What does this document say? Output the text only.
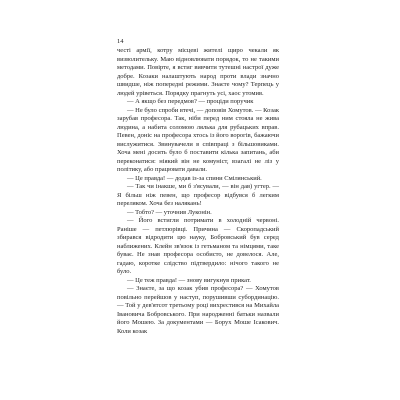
14

честі армії, котру місцеві жителі щиро чекали як визволительку. Маю відновлювати порядок, то не такими методами. Повірте, я встиг вивчити тутешні настрої дуже добре. Козаки налаштують народ проти влади значно швидше, ніж попередні режими. Знаєте чому? Терпець у людей уріветься. Порядку прагнуть усі, хаос утомив.

— А якщо без передмов? — проціди поручик

— Не було спроби втечі, — доповів Хомутов. — Козак зарубав професора. Так, ніби перед ним стояла не жива людина, а набита соломою лялька для рубацьких вправ. Певен, доніс на професора хтось із його ворогів, бажаючи вислужитися. Звинувачели в співпраці з більшовиками. Хоча мені досить було б поставити кілька запитань, аби переконатися: ніякий він не комуніст, взагалі не ліз у політику, або працювати давали.

— Це правда! — додав із-за спини Смілянський.

— Так чи інакше, ми б з'ясували, — він дав) угтер. — Я більш ніж певен, що професор відбувся б легким переляком. Хоча без налякань!

— Тобто? — уточнив Луконін.

— Його встигли потримати в холодній червоні. Раніше — петлюрівці. Причина — Скоропадський збирався відродити цю науку, Бобровський був серед наближених. Клейн зв'язок із гетьманом та німцями, таке буває. Не знав професора особисто, не довелося. Але, гадаю, коротке слідство підтвердило: нічого такого не було.

— Це теж правда! — знову вигукнув прикат.

— Знаєте, за що козак убив професора? — Хомутов повільно перейшов у наступ, порушивши субординацію. — Той у дев'ятсот третьому році вихрестився на Михайла Івановича Бобровського. При народженні батьки назвали його Мошею. За документами — Борух Моше Ісакович. Коли козак
